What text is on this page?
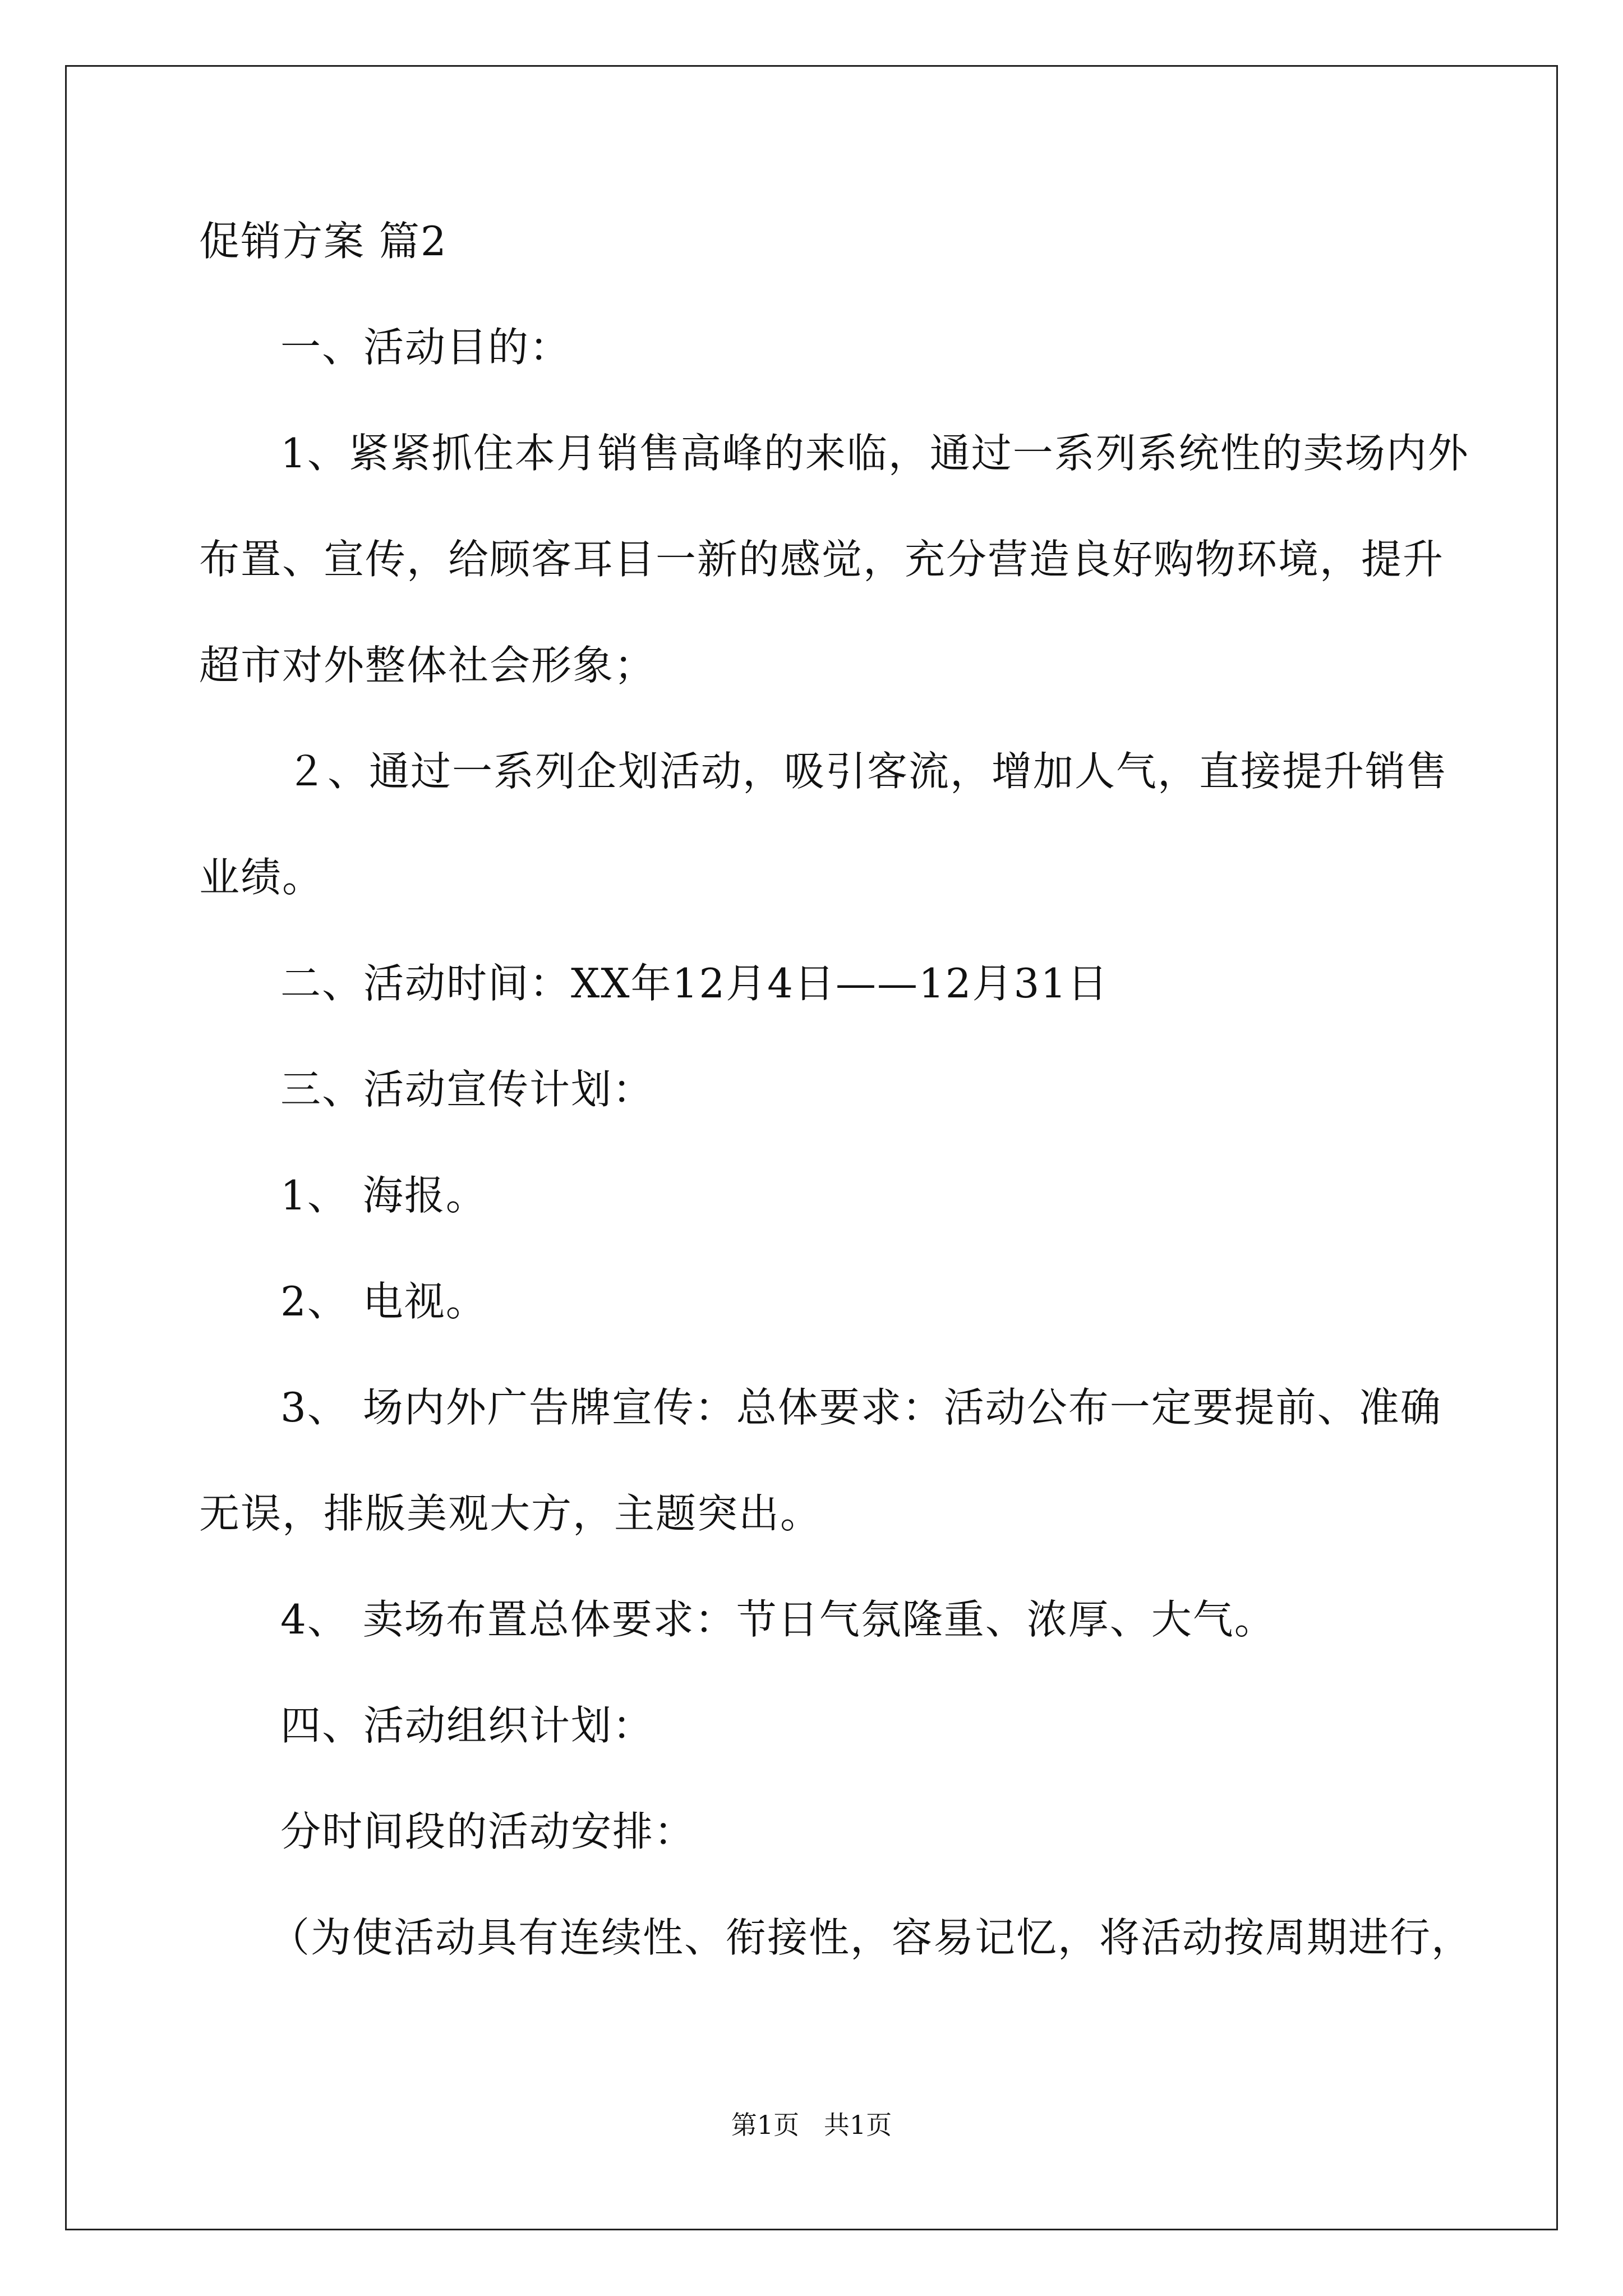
促销方案 篇2
一、活动目的：
1、紧紧抓住本月销售高峰的来临，通过一系列系统性的卖场内外
布置、宣传，给顾客耳目一新的感觉，充分营造良好购物环境，提升
超市对外整体社会形象；
２、通过一系列企划活动，吸引客流，增加人气，直接提升销售
业绩。
二、活动时间：XX年12月4日——12月31日
三、活动宣传计划：
1、 海报。
2、 电视。
3、 场内外广告牌宣传：总体要求：活动公布一定要提前、准确
无误，排版美观大方，主题突出。
4、 卖场布置总体要求：节日气氛隆重、浓厚、大气。
四、活动组织计划：
分时间段的活动安排：
（为使活动具有连续性、衔接性，容易记忆，将活动按周期进行，
第1页   共1页
